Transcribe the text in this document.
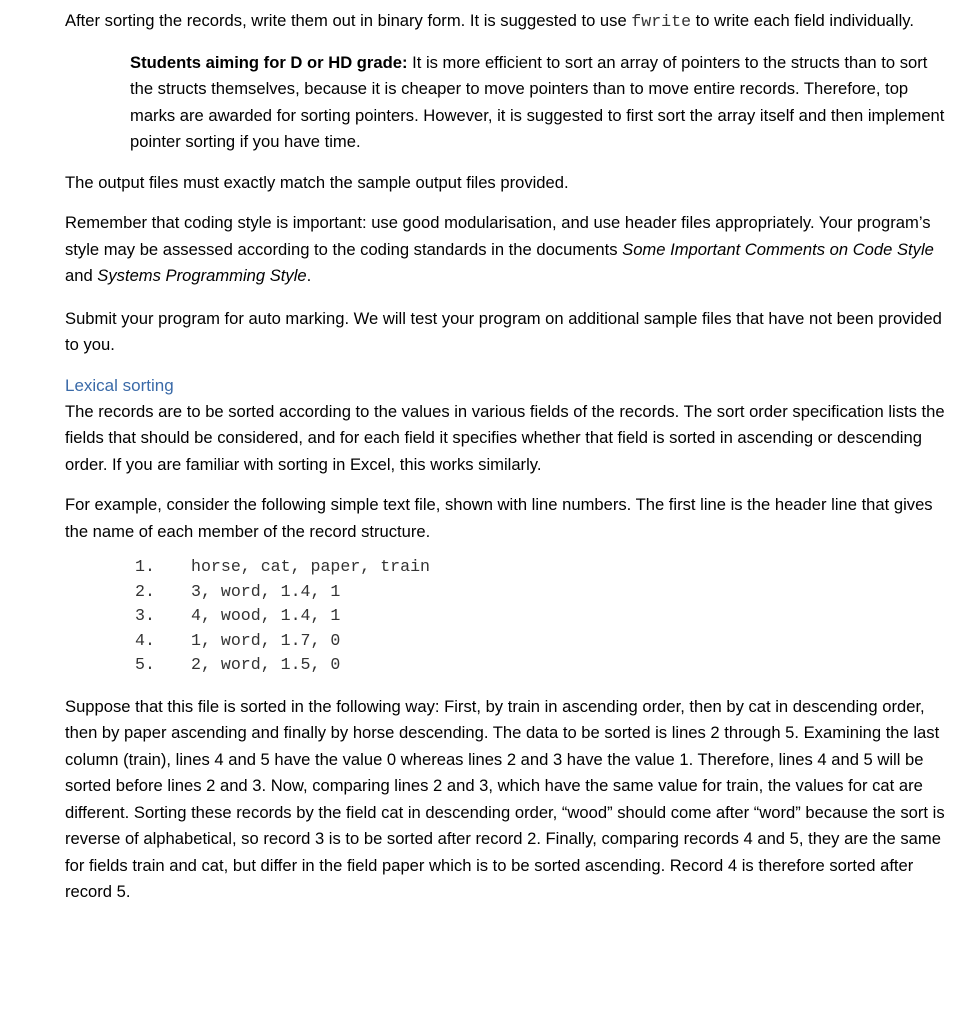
After sorting the records, write them out in binary form. It is suggested to use fwrite to write each field individually.

Students aiming for D or HD grade: It is more efficient to sort an array of pointers to the structs than to sort the structs themselves, because it is cheaper to move pointers than to move entire records. Therefore, top marks are awarded for sorting pointers. However, it is suggested to first sort the array itself and then implement pointer sorting if you have time.

The output files must exactly match the sample output files provided.

Remember that coding style is important: use good modularisation, and use header files appropriately. Your program’s style may be assessed according to the coding standards in the documents Some Important Comments on Code Style and Systems Programming Style.

Submit your program for auto marking. We will test your program on additional sample files that have not been provided to you.

Lexical sorting

The records are to be sorted according to the values in various fields of the records. The sort order specification lists the fields that should be considered, and for each field it specifies whether that field is sorted in ascending or descending order. If you are familiar with sorting in Excel, this works similarly.

For example, consider the following simple text file, shown with line numbers. The first line is the header line that gives the name of each member of the record structure.

1.	horse, cat, paper, train
2.	3, word, 1.4, 1
3.	4, wood, 1.4, 1
4.	1, word, 1.7, 0
5.	2, word, 1.5, 0

Suppose that this file is sorted in the following way: First, by train in ascending order, then by cat in descending order, then by paper ascending and finally by horse descending. The data to be sorted is lines 2 through 5. Examining the last column (train), lines 4 and 5 have the value 0 whereas lines 2 and 3 have the value 1. Therefore, lines 4 and 5 will be sorted before lines 2 and 3. Now, comparing lines 2 and 3, which have the same value for train, the values for cat are different. Sorting these records by the field cat in descending order, “wood” should come after “word” because the sort is reverse of alphabetical, so record 3 is to be sorted after record 2. Finally, comparing records 4 and 5, they are the same for fields train and cat, but differ in the field paper which is to be sorted ascending. Record 4 is therefore sorted after record 5.
